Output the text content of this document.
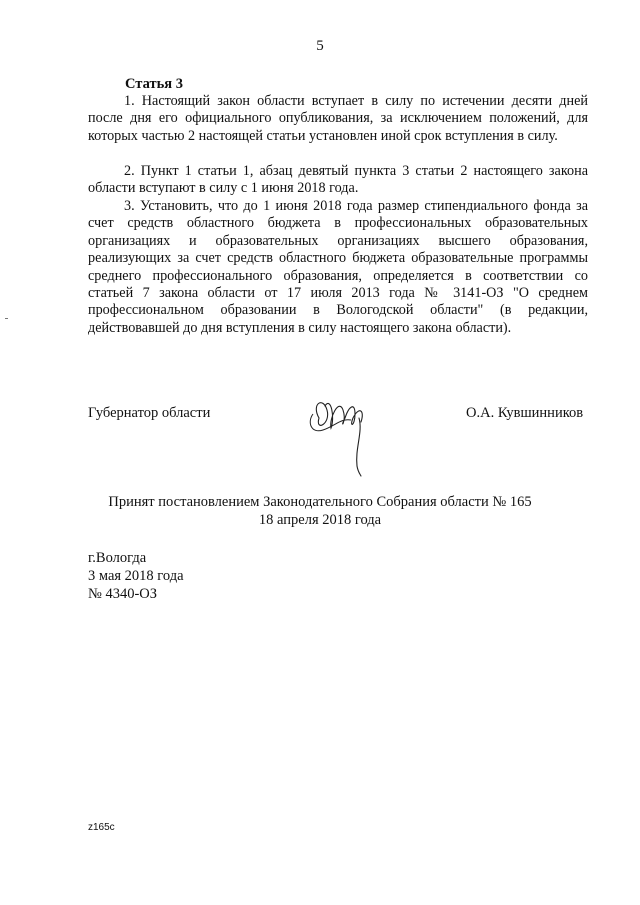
5
Статья 3

1. Настоящий закон области вступает в силу по истечении десяти дней после дня его официального опубликования, за исключением положений, для которых частью 2 настоящей статьи установлен иной срок вступления в силу.

2. Пункт 1 статьи 1, абзац девятый пункта 3 статьи 2 настоящего закона области вступают в силу с 1 июня 2018 года.

3. Установить, что до 1 июня 2018 года размер стипендиального фонда за счет средств областного бюджета в профессиональных образовательных организациях и образовательных организациях высшего образования, реализующих за счет средств областного бюджета образовательные программы среднего профессионального образования, определяется в соответствии со статьей 7 закона области от 17 июля 2013 года № 3141-ОЗ "О среднем профессиональном образовании в Вологодской области" (в редакции, действовавшей до дня вступления в силу настоящего закона области).

Губернатор области	О.А. Кувшинников
Принят постановлением Законодательного Собрания области № 165
18 апреля 2018 года
г.Вологда
3 мая 2018 года
№ 4340-ОЗ
z165c
